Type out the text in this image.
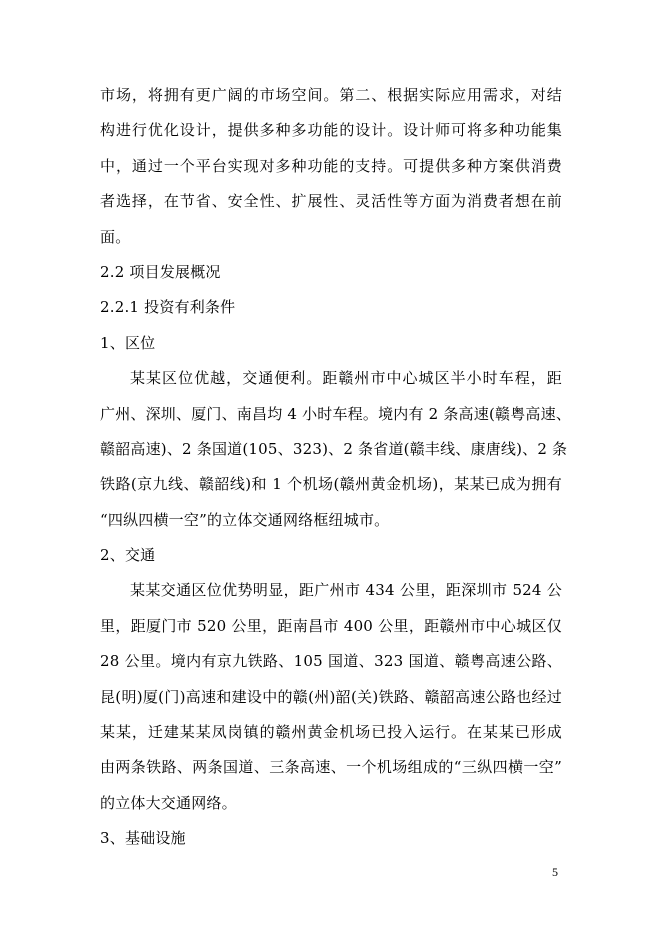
市场，将拥有更广阔的市场空间。第二、根据实际应用需求，对结
构进行优化设计，提供多种多功能的设计。设计师可将多种功能集
中，通过一个平台实现对多种功能的支持。可提供多种方案供消费
者选择，在节省、安全性、扩展性、灵活性等方面为消费者想在前
面。
2.2 项目发展概况
2.2.1 投资有利条件
1、区位
某某区位优越，交通便利。距赣州市中心城区半小时车程，距
广州、深圳、厦门、南昌均 4 小时车程。境内有 2 条高速(赣粤高速、
赣韶高速)、2 条国道(105、323)、2 条省道(赣丰线、康唐线)、2 条
铁路(京九线、赣韶线)和 1 个机场(赣州黄金机场)，某某已成为拥有
“四纵四横一空”的立体交通网络框纽城市。
2、交通
某某交通区位优势明显，距广州市 434 公里，距深圳市 524 公
里，距厦门市 520 公里，距南昌市 400 公里，距赣州市中心城区仅
28 公里。境内有京九铁路、105 国道、323 国道、赣粤高速公路、
昆(明)厦(门)高速和建设中的赣(州)韶(关)铁路、赣韶高速公路也经过
某某，迁建某某凤岗镇的赣州黄金机场已投入运行。在某某已形成
由两条铁路、两条国道、三条高速、一个机场组成的“三纵四横一空”
的立体大交通网络。
3、基础设施
5
